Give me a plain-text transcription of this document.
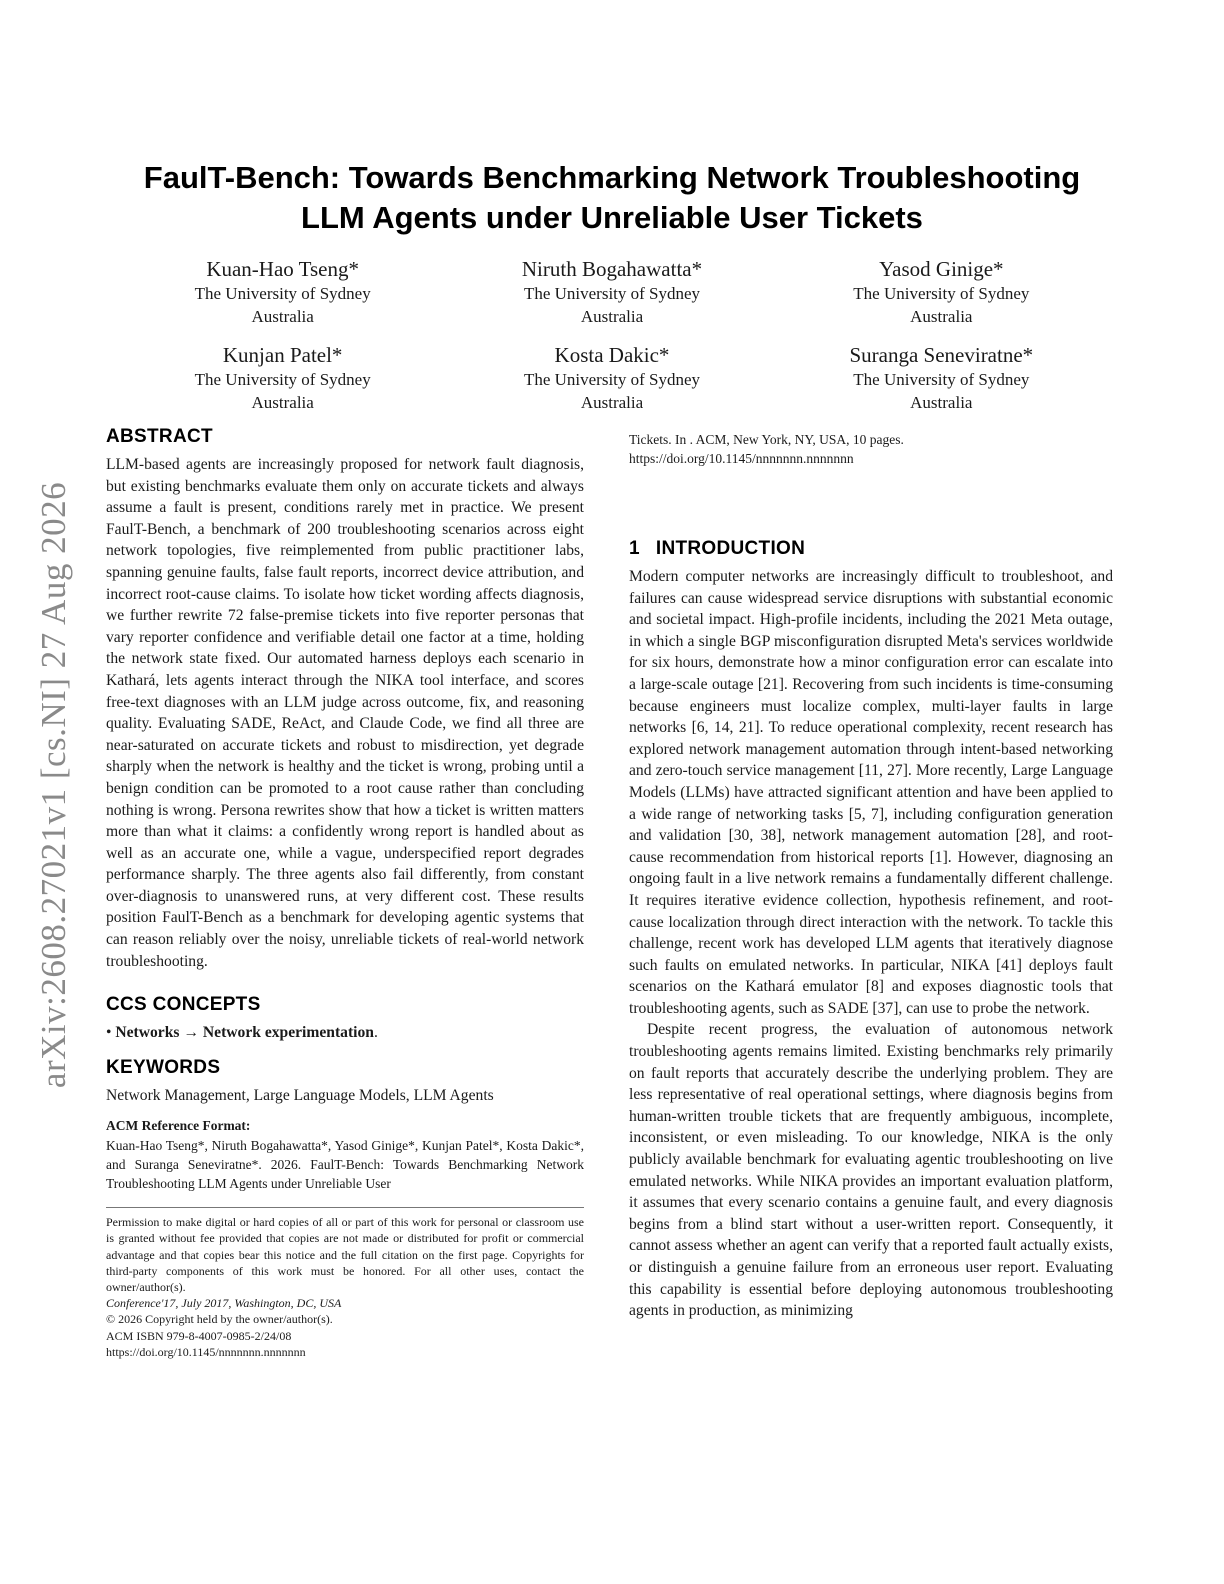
arXiv:2608.27021v1 [cs.NI] 27 Aug 2026
FaulT-Bench: Towards Benchmarking Network Troubleshooting
LLM Agents under Unreliable User Tickets
Kuan-Hao Tseng*
The University of Sydney
Australia
Niruth Bogahawatta*
The University of Sydney
Australia
Yasod Ginige*
The University of Sydney
Australia
Kunjan Patel*
The University of Sydney
Australia
Kosta Dakic*
The University of Sydney
Australia
Suranga Seneviratne*
The University of Sydney
Australia
ABSTRACT

LLM-based agents are increasingly proposed for network fault diagnosis, but existing benchmarks evaluate them only on accurate tickets and always assume a fault is present, conditions rarely met in practice. We present FaulT-Bench, a benchmark of 200 troubleshooting scenarios across eight network topologies, five reimplemented from public practitioner labs, spanning genuine faults, false fault reports, incorrect device attribution, and incorrect root-cause claims. To isolate how ticket wording affects diagnosis, we further rewrite 72 false-premise tickets into five reporter personas that vary reporter confidence and verifiable detail one factor at a time, holding the network state fixed. Our automated harness deploys each scenario in Kathará, lets agents interact through the NIKA tool interface, and scores free-text diagnoses with an LLM judge across outcome, fix, and reasoning quality. Evaluating SADE, ReAct, and Claude Code, we find all three are near-saturated on accurate tickets and robust to misdirection, yet degrade sharply when the network is healthy and the ticket is wrong, probing until a benign condition can be promoted to a root cause rather than concluding nothing is wrong. Persona rewrites show that how a ticket is written matters more than what it claims: a confidently wrong report is handled about as well as an accurate one, while a vague, underspecified report degrades performance sharply. The three agents also fail differently, from constant over-diagnosis to unanswered runs, at very different cost. These results position FaulT-Bench as a benchmark for developing agentic systems that can reason reliably over the noisy, unreliable tickets of real-world network troubleshooting.

CCS CONCEPTS

• Networks → Network experimentation.

KEYWORDS

Network Management, Large Language Models, LLM Agents

ACM Reference Format:

Kuan-Hao Tseng*, Niruth Bogahawatta*, Yasod Ginige*, Kunjan Patel*, Kosta Dakic*, and Suranga Seneviratne*. 2026. FaulT-Bench: Towards Benchmarking Network Troubleshooting LLM Agents under Unreliable User

Permission to make digital or hard copies of all or part of this work for personal or classroom use is granted without fee provided that copies are not made or distributed for profit or commercial advantage and that copies bear this notice and the full citation on the first page. Copyrights for third-party components of this work must be honored. For all other uses, contact the owner/author(s).

Conference'17, July 2017, Washington, DC, USA

© 2026 Copyright held by the owner/author(s).

ACM ISBN 979-8-4007-0985-2/24/08

https://doi.org/10.1145/nnnnnnn.nnnnnnn

Tickets. In . ACM, New York, NY, USA, 10 pages. https://doi.org/10.1145/nnnnnnn.nnnnnnn

1 INTRODUCTION

Modern computer networks are increasingly difficult to troubleshoot, and failures can cause widespread service disruptions with substantial economic and societal impact. High-profile incidents, including the 2021 Meta outage, in which a single BGP misconfiguration disrupted Meta's services worldwide for six hours, demonstrate how a minor configuration error can escalate into a large-scale outage [21]. Recovering from such incidents is time-consuming because engineers must localize complex, multi-layer faults in large networks [6, 14, 21]. To reduce operational complexity, recent research has explored network management automation through intent-based networking and zero-touch service management [11, 27]. More recently, Large Language Models (LLMs) have attracted significant attention and have been applied to a wide range of networking tasks [5, 7], including configuration generation and validation [30, 38], network management automation [28], and root-cause recommendation from historical reports [1]. However, diagnosing an ongoing fault in a live network remains a fundamentally different challenge. It requires iterative evidence collection, hypothesis refinement, and root-cause localization through direct interaction with the network. To tackle this challenge, recent work has developed LLM agents that iteratively diagnose such faults on emulated networks. In particular, NIKA [41] deploys fault scenarios on the Kathará emulator [8] and exposes diagnostic tools that troubleshooting agents, such as SADE [37], can use to probe the network.

Despite recent progress, the evaluation of autonomous network troubleshooting agents remains limited. Existing benchmarks rely primarily on fault reports that accurately describe the underlying problem. They are less representative of real operational settings, where diagnosis begins from human-written trouble tickets that are frequently ambiguous, incomplete, inconsistent, or even misleading. To our knowledge, NIKA is the only publicly available benchmark for evaluating agentic troubleshooting on live emulated networks. While NIKA provides an important evaluation platform, it assumes that every scenario contains a genuine fault, and every diagnosis begins from a blind start without a user-written report. Consequently, it cannot assess whether an agent can verify that a reported fault actually exists, or distinguish a genuine failure from an erroneous user report. Evaluating this capability is essential before deploying autonomous troubleshooting agents in production, as minimizing
